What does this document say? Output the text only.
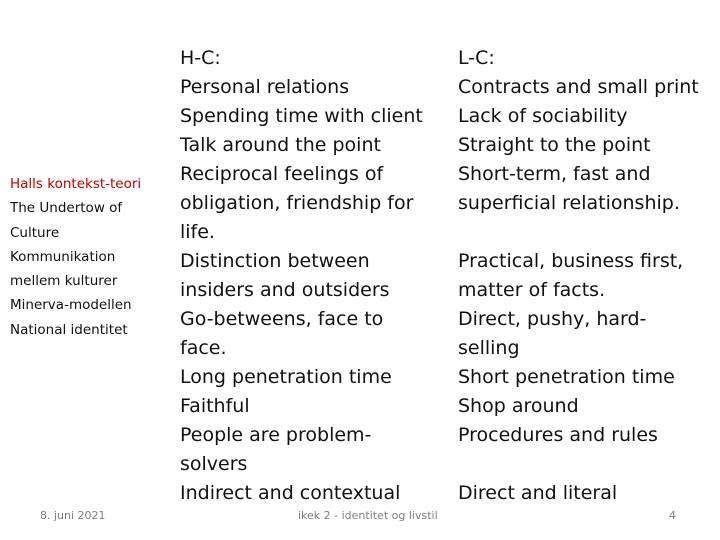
Halls kontekst-teori
The Undertow of
Culture
Kommunikation
mellem kulturer
Minerva-modellen
National identitet
H-C:
Personal relations
Spending time with client
Talk around the point
Reciprocal feelings of
obligation, friendship for
life.
Distinction between
insiders and outsiders
Go-betweens, face to
face.
Long penetration time
Faithful
People are problem-
solvers
Indirect and contextual
L-C:
Contracts and small print
Lack of sociability
Straight to the point
Short-term, fast and
superficial relationship.
Practical, business first,
matter of facts.
Direct, pushy, hard-
selling
Short penetration time
Shop around
Procedures and rules
Direct and literal
8. juni 2021	ikek 2 - identitet og livstil	4
